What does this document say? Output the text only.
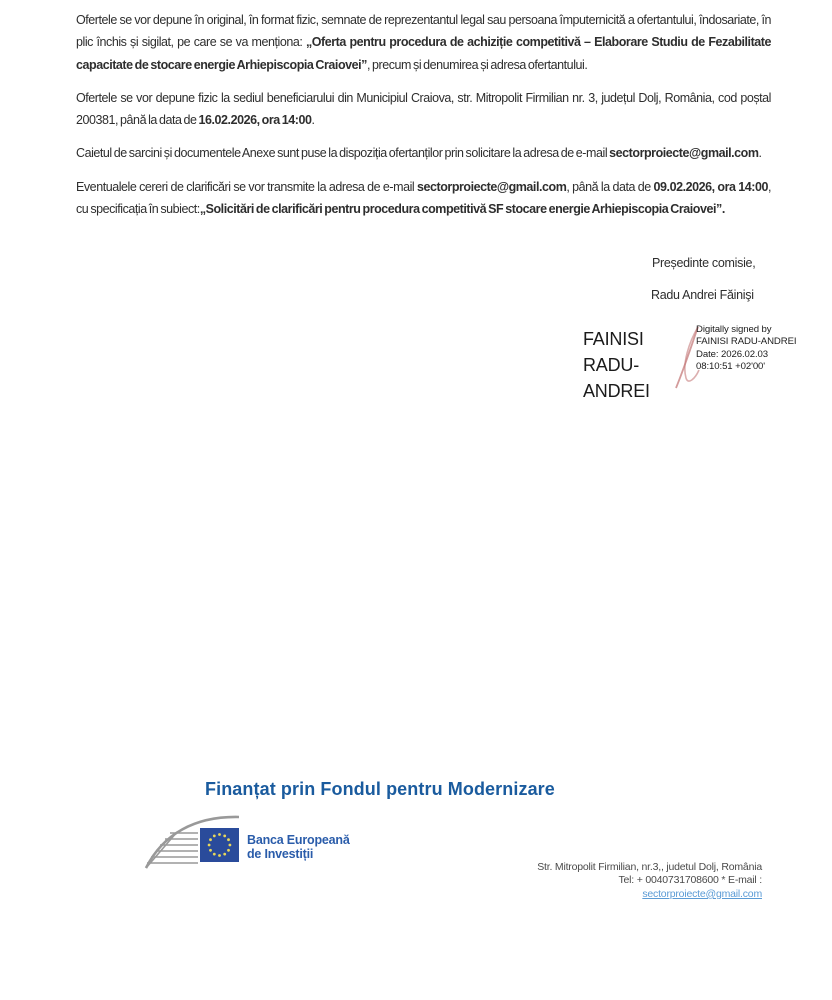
Ofertele se vor depune în original, în format fizic, semnate de reprezentantul legal sau persoana împuternicită a ofertantului, îndosariate, în plic închis și sigilat, pe care se va menționa: „Oferta pentru procedura de achiziție competitivă – Elaborare Studiu de Fezabilitate capacitate de stocare energie Arhiepiscopia Craiovei”, precum și denumirea și adresa ofertantului.

Ofertele se vor depune fizic la sediul beneficiarului din Municipiul Craiova, str. Mitropolit Firmilian nr. 3, județul Dolj, România, cod poștal 200381, până la data de 16.02.2026, ora 14:00.

Caietul de sarcini și documentele Anexe sunt puse la dispoziția ofertanților prin solicitare la adresa de e-mail sectorproiecte@gmail.com.

Eventualele cereri de clarificări se vor transmite la adresa de e-mail sectorproiecte@gmail.com, până la data de 09.02.2026, ora 14:00, cu specificația în subiect:„Solicitări de clarificări pentru procedura competitivă SF stocare energie Arhiepiscopia Craiovei”.

Președinte comisie,
Radu Andrei Făinişi
FAINISI RADU-
ANDREI
Digitally signed by
FAINISI RADU-ANDREI
Date: 2026.02.03
08:10:51 +02'00'
Finanțat prin Fondul pentru Modernizare
Banca Europeană
de Investiții
Str. Mitropolit Firmilian, nr.3,, judetul Dolj, România
Tel: + 0040731708600 * E-mail :
sectorproiecte@gmail.com
